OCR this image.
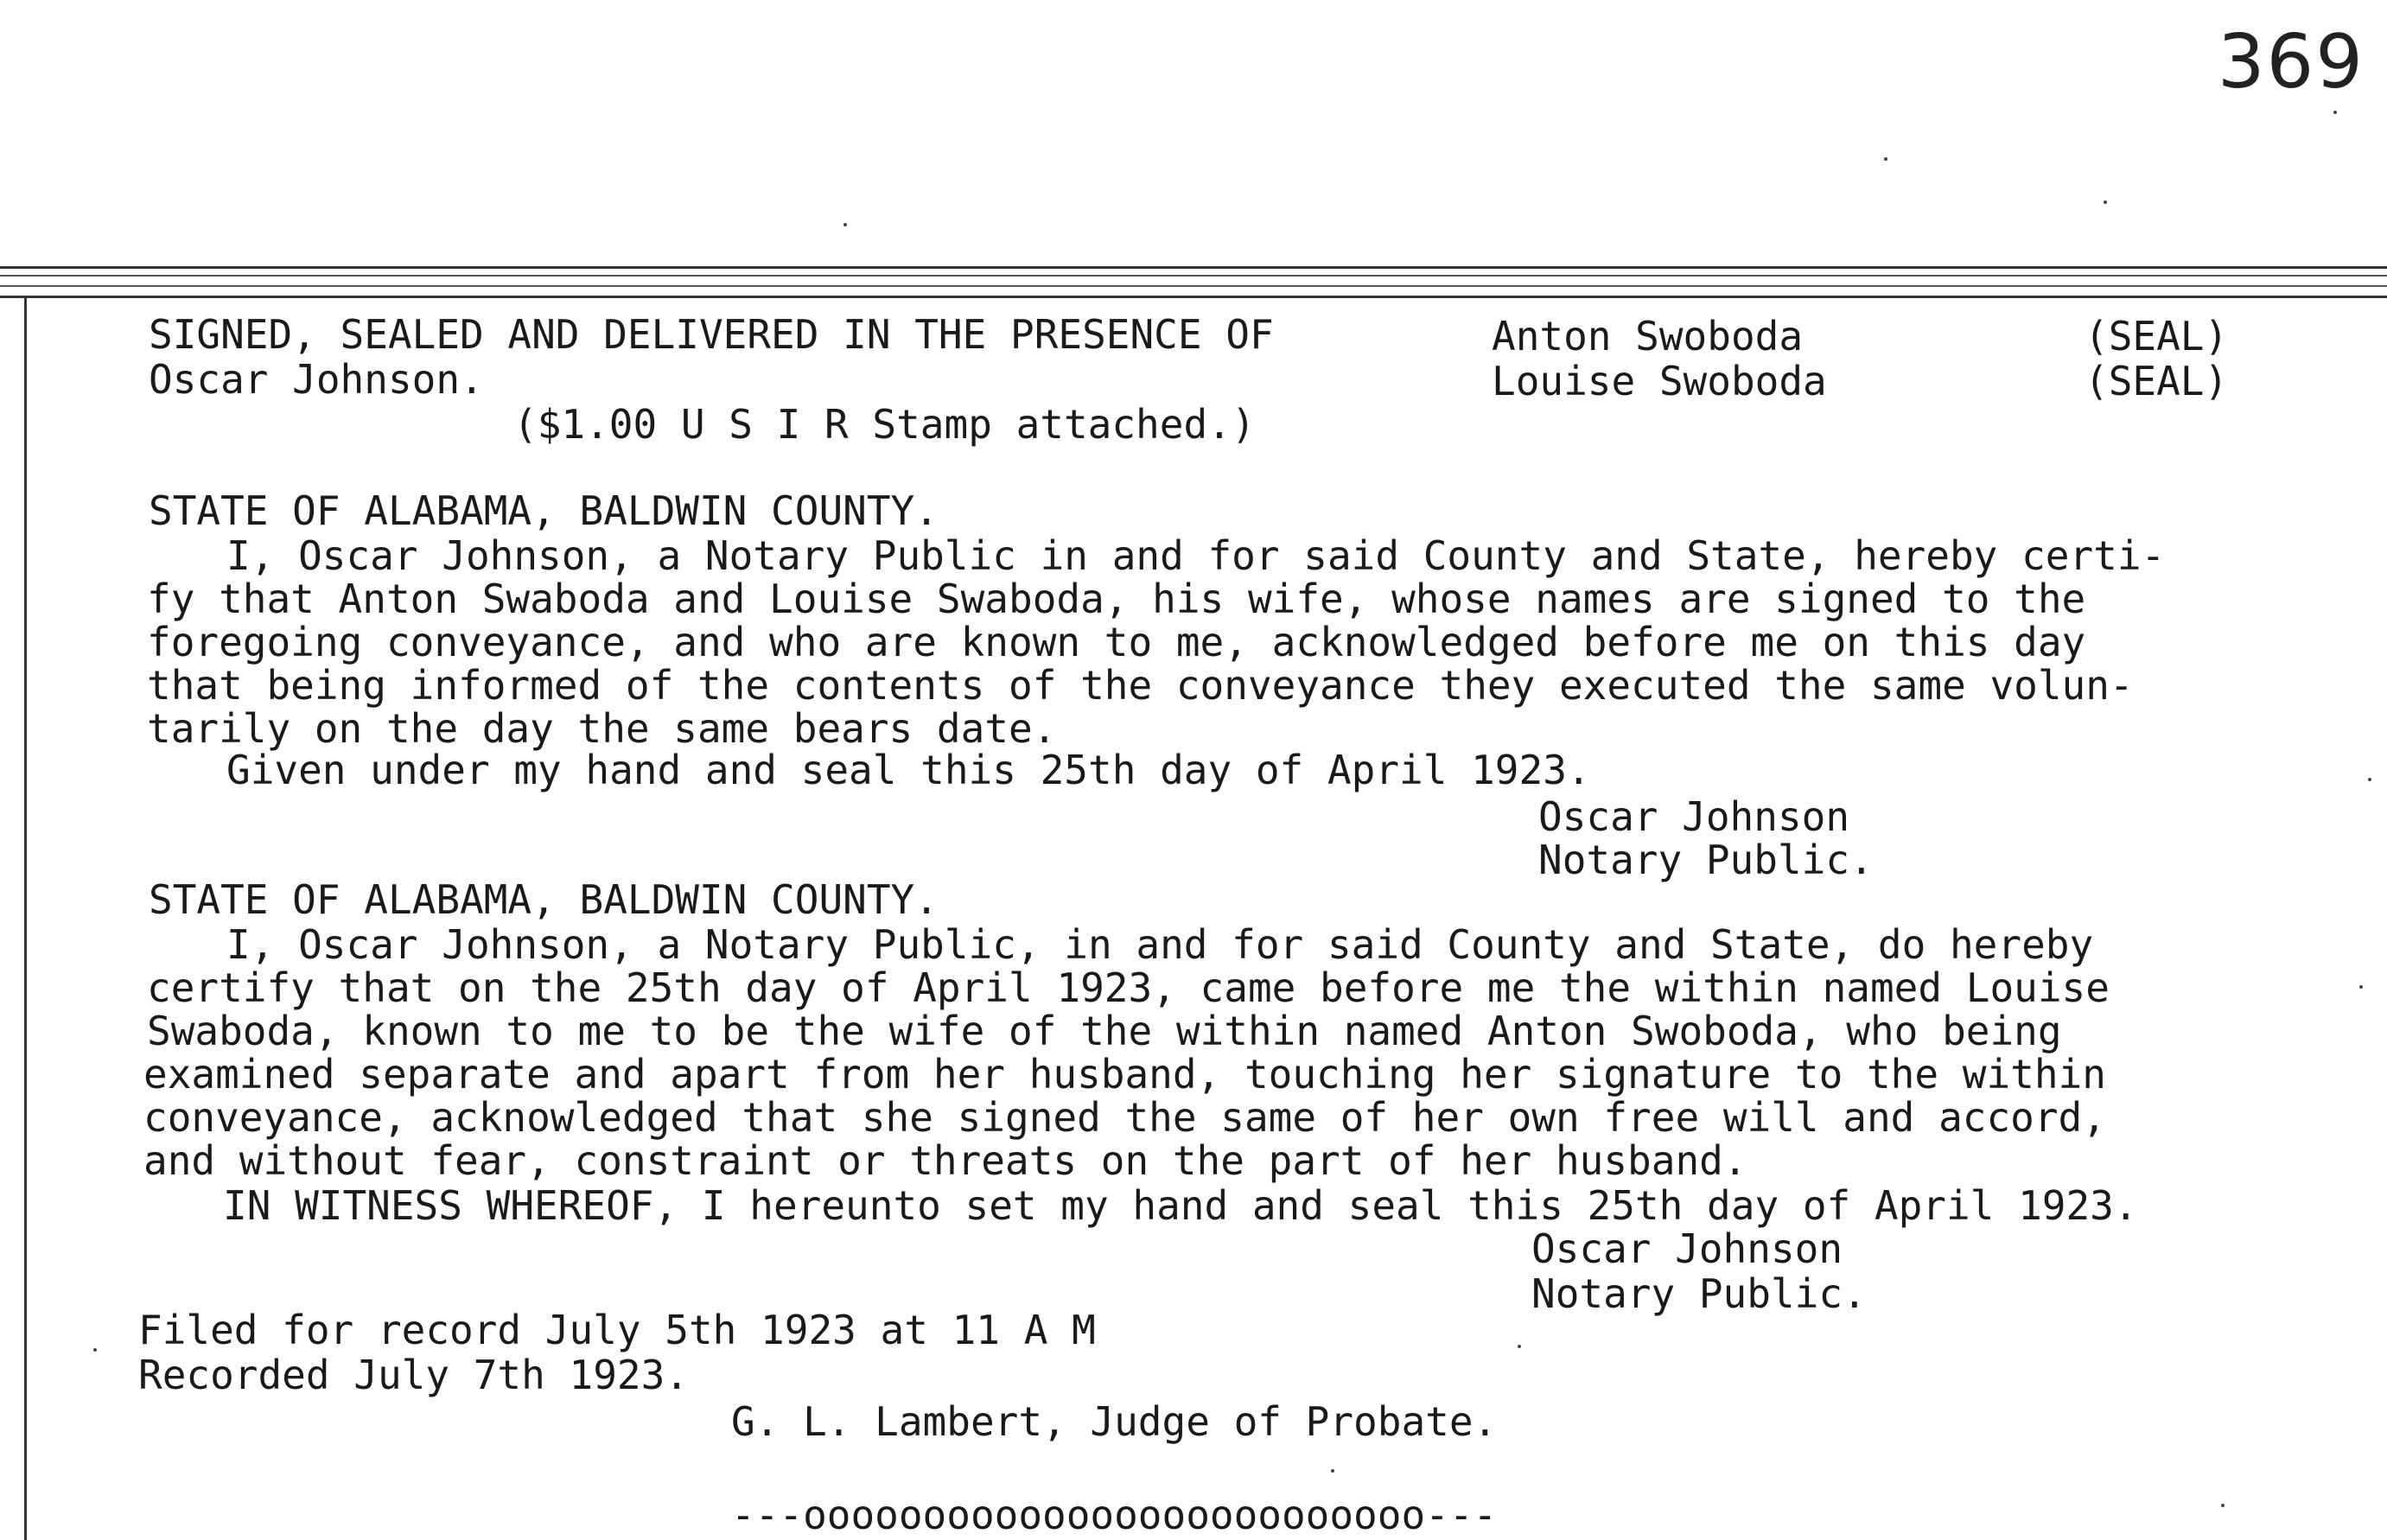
369
SIGNED, SEALED AND DELIVERED IN THE PRESENCE OF
Oscar Johnson.
($1.00 U S I R Stamp attached.)
Anton Swoboda	(SEAL)
Louise Swoboda	(SEAL)
STATE OF ALABAMA, BALDWIN COUNTY.
I, Oscar Johnson, a Notary Public in and for said County and State, hereby certi-
fy that Anton Swaboda and Louise Swaboda, his wife, whose names are signed to the
foregoing conveyance, and who are known to me, acknowledged before me on this day
that being informed of the contents of the conveyance they executed the same volun-
tarily on the day the same bears date.
Given under my hand and seal this 25th day of April 1923.
Oscar Johnson
Notary Public.
STATE OF ALABAMA, BALDWIN COUNTY.
I, Oscar Johnson, a Notary Public, in and for said County and State, do hereby
certify that on the 25th day of April 1923, came before me the within named Louise
Swaboda, known to me to be the wife of the within named Anton Swoboda, who being
examined separate and apart from her husband, touching her signature to the within
conveyance, acknowledged that she signed the same of her own free will and accord,
and without fear, constraint or threats on the part of her husband.
IN WITNESS WHEREOF, I hereunto set my hand and seal this 25th day of April 1923.
Oscar Johnson
Notary Public.
Filed for record July 5th 1923 at 11 A M
Recorded July 7th 1923.
G. L. Lambert, Judge of Probate.
---oooooooooooooooooooooooooo---
